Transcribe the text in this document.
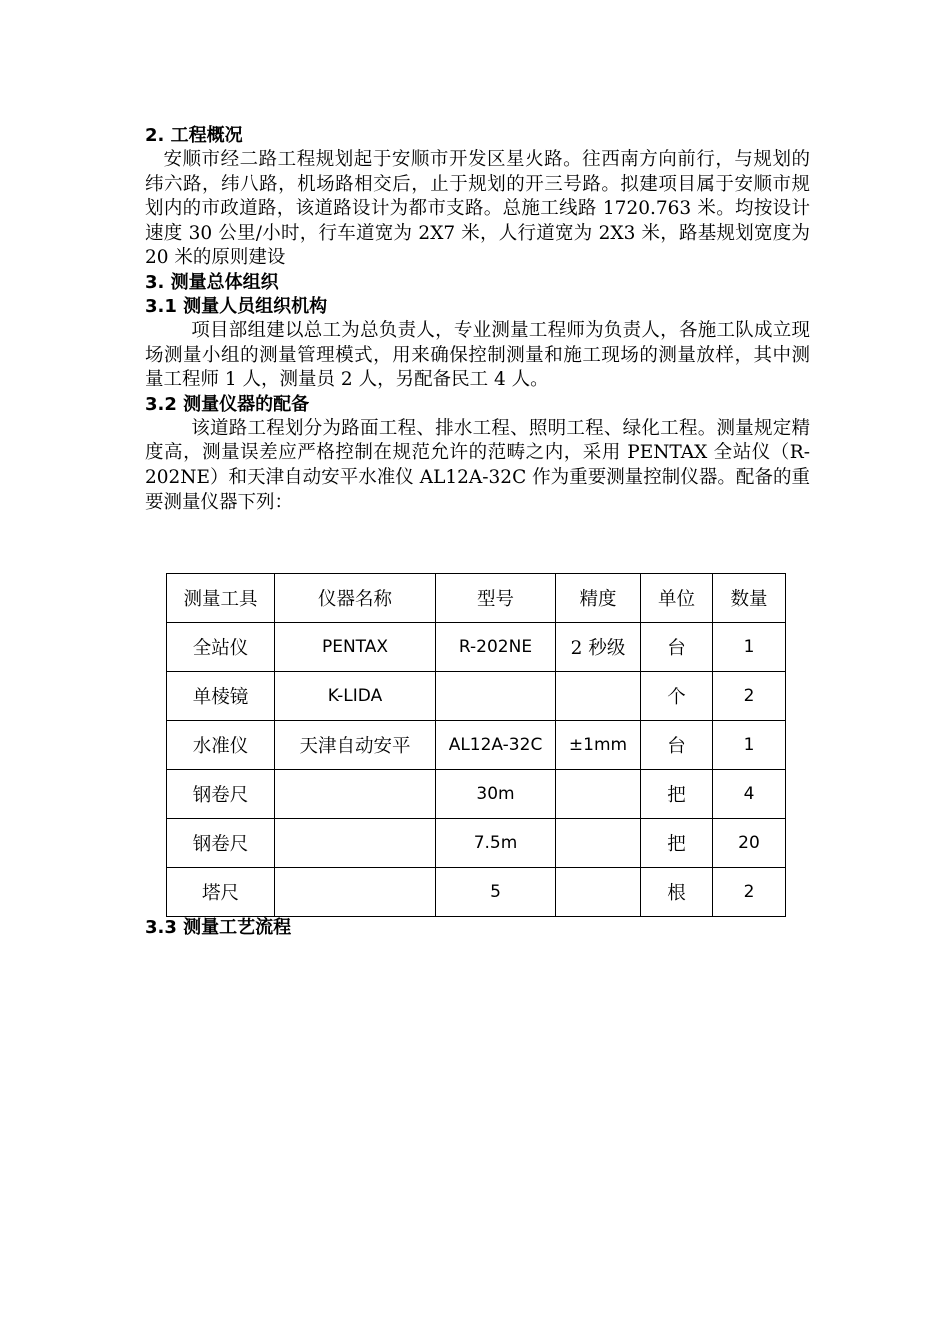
2. 工程概况

安顺市经二路工程规划起于安顺市开发区星火路。往西南方向前行，与规划的纬六路，纬八路，机场路相交后，止于规划的开三号路。拟建项目属于安顺市规划内的市政道路，该道路设计为都市支路。总施工线路 1720.763 米。均按设计速度 30 公里/小时，行车道宽为 2X7 米，人行道宽为 2X3 米，路基规划宽度为 20 米的原则建设

3. 测量总体组织

3.1 测量人员组织机构

项目部组建以总工为总负责人，专业测量工程师为负责人，各施工队成立现场测量小组的测量管理模式，用来确保控制测量和施工现场的测量放样，其中测量工程师 1 人，测量员 2 人，另配备民工 4 人。

3.2 测量仪器的配备

该道路工程划分为路面工程、排水工程、照明工程、绿化工程。测量规定精度高，测量误差应严格控制在规范允许的范畴之内，采用 PENTAX 全站仪（R-202NE）和天津自动安平水准仪 AL12A-32C 作为重要测量控制仪器。配备的重要测量仪器下列：

测量工具	仪器名称	型号	精度	单位	数量
全站仪	PENTAX	R-202NE	2 秒级	台	1
单棱镜	K-LIDA			个	2
水准仪	天津自动安平	AL12A-32C	±1mm	台	1
钢卷尺		30m		把	4
钢卷尺		7.5m		把	20
塔尺		5		根	2

3.3 测量工艺流程
